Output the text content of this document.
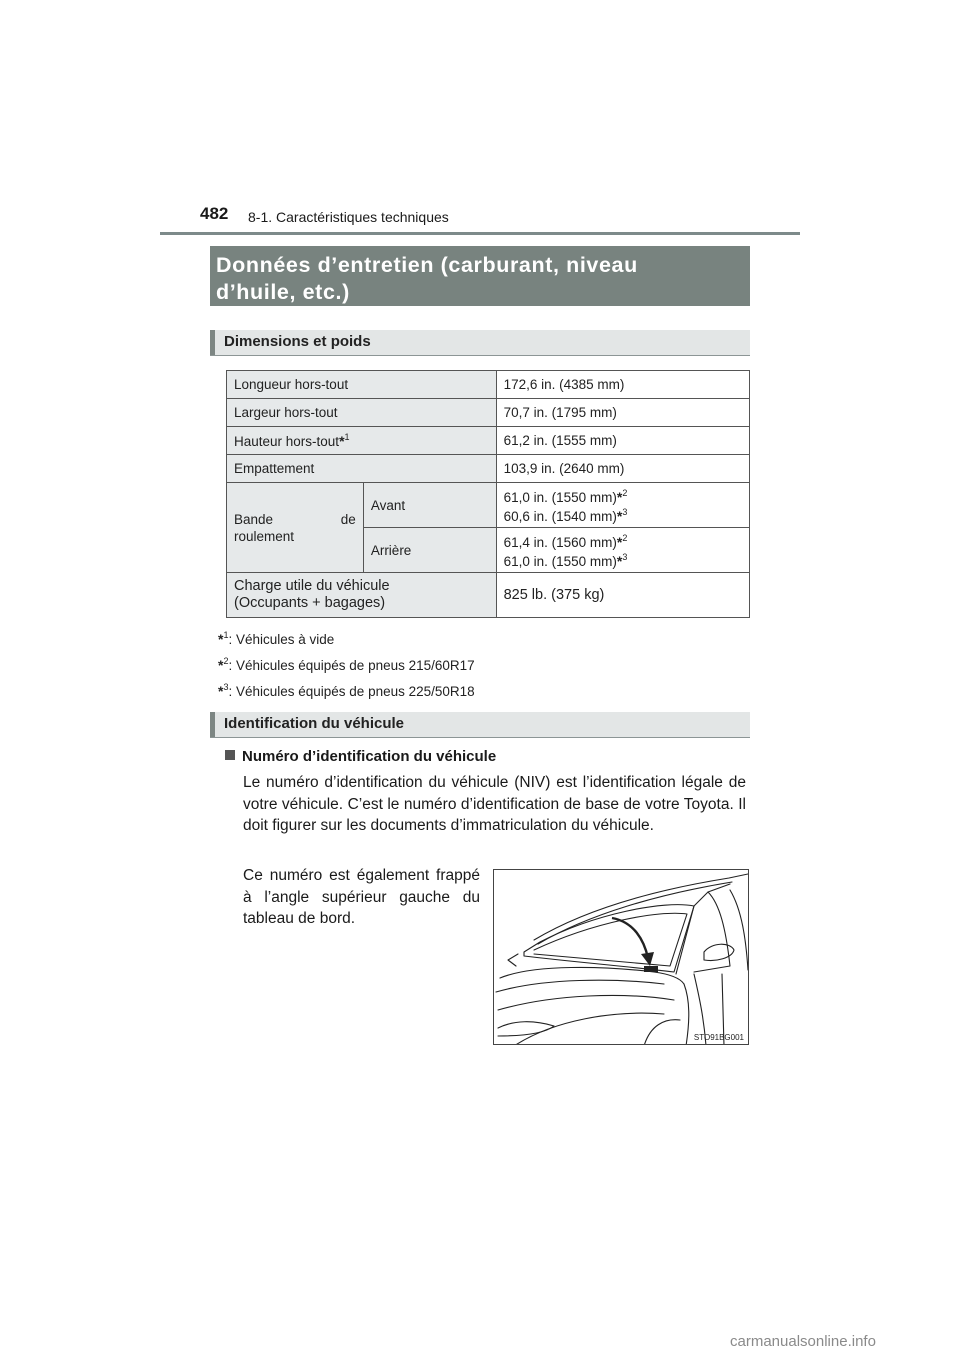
482 8-1. Caractéristiques techniques
Données d’entretien (carburant, niveau
d’huile, etc.)
Dimensions et poids
Longueur hors-tout		172,6 in. (4385 mm)
Largeur hors-tout		70,7 in. (1795 mm)
Hauteur hors-tout*$^1$		61,2 in. (1555 mm)
Empattement		103,9 in. (2640 mm)

Bande de
roulement	Avant	61,0 in. (1550 mm)*$^2$
60,6 in. (1540 mm)*$^3$

	Arrière	61,4 in. (1560 mm)*$^2$
61,0 in. (1550 mm)*$^3$

Charge utile du véhicule
(Occupants + bagages)		825 lb. (375 kg)
*$^1$: Véhicules à vide
*$^2$: Véhicules équipés de pneus 215/60R17
*$^3$: Véhicules équipés de pneus 225/50R18
Identification du véhicule
Numéro d’identification du véhicule
Le numéro d’identification du véhicule (NIV) est l’identification légale de votre véhicule. C’est le numéro d’identification de base de votre Toyota. Il doit figurer sur les documents d’immatriculation du véhicule.
Ce numéro est également frappé à l’angle supérieur gauche du tableau de bord.
STO91BG001
carmanualsonline.info
